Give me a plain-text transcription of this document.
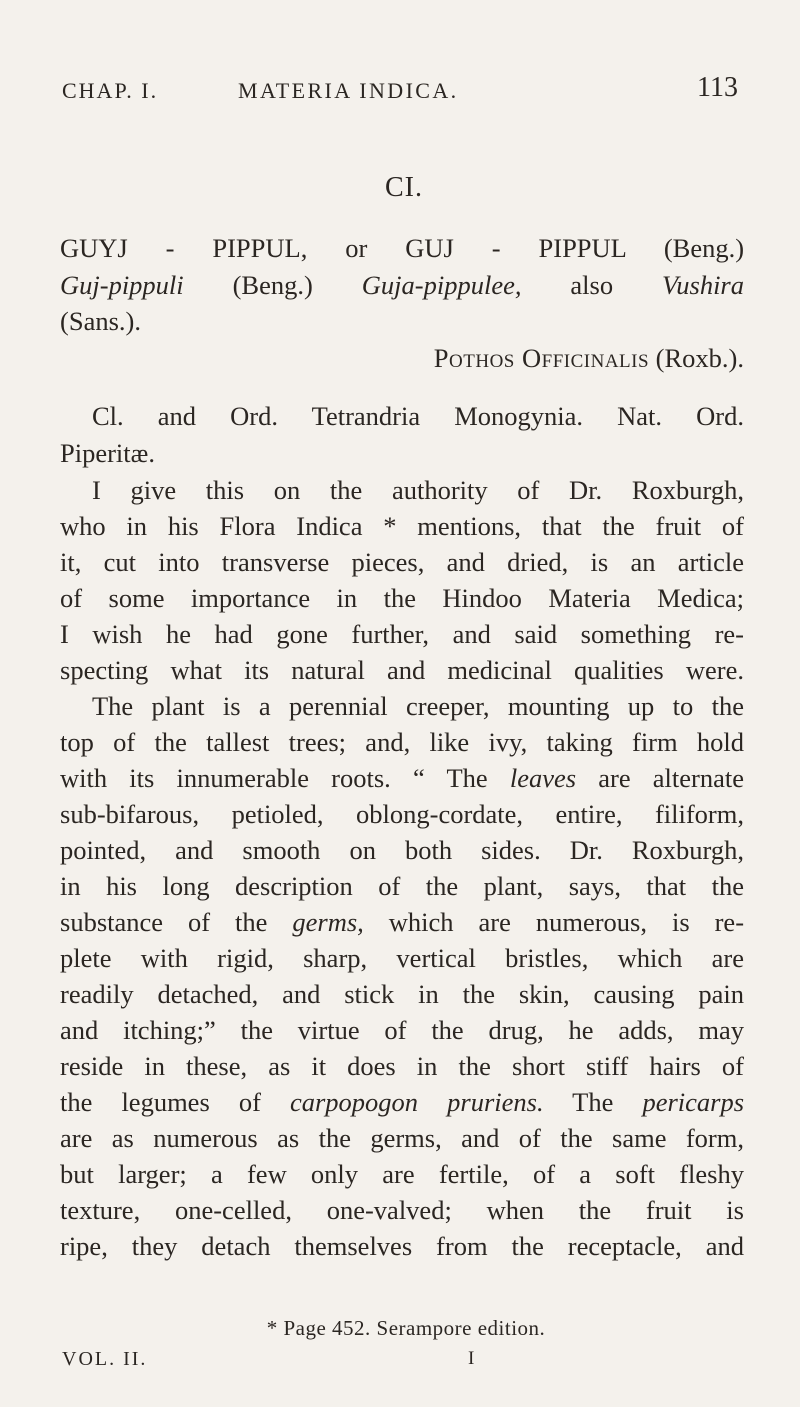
CHAP. I.	MATERIA INDICA.	113
CI.
GUYJ - PIPPUL, or GUJ - PIPPUL (Beng.)
Guj-pippuli (Beng.) Guja-pippulee, also Vushira
(Sans.).
Pothos Officinalis (Roxb.).
Cl. and Ord. Tetrandria Monogynia. Nat. Ord.
Piperitæ.
I give this on the authority of Dr. Roxburgh,
who in his Flora Indica * mentions, that the fruit of
it, cut into transverse pieces, and dried, is an article
of some importance in the Hindoo Materia Medica;
I wish he had gone further, and said something re-
specting what its natural and medicinal qualities were.
The plant is a perennial creeper, mounting up to the
top of the tallest trees; and, like ivy, taking firm hold
with its innumerable roots. “ The leaves are alternate
sub-bifarous, petioled, oblong-cordate, entire, filiform,
pointed, and smooth on both sides. Dr. Roxburgh,
in his long description of the plant, says, that the
substance of the germs, which are numerous, is re-
plete with rigid, sharp, vertical bristles, which are
readily detached, and stick in the skin, causing pain
and itching;” the virtue of the drug, he adds, may
reside in these, as it does in the short stiff hairs of
the legumes of carpopogon pruriens. The pericarps
are as numerous as the germs, and of the same form,
but larger; a few only are fertile, of a soft fleshy
texture, one-celled, one-valved; when the fruit is
ripe, they detach themselves from the receptacle, and
* Page 452. Serampore edition.
VOL. II.	I
